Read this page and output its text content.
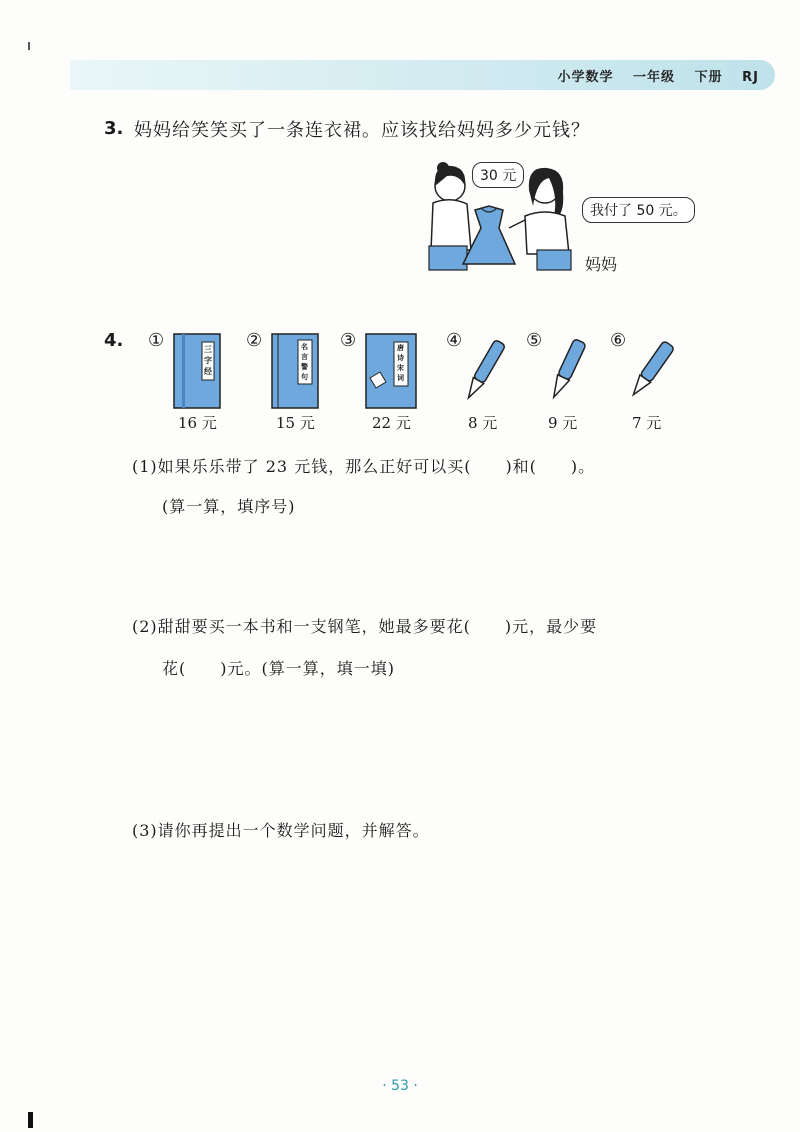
小学数学 一年级 下册 RJ
3. 妈妈给笑笑买了一条连衣裙。应该找给妈妈多少元钱？
30 元
我付了 50 元。
妈妈
4. ①	三字经
16 元
②	名言警句
15 元
③	唐诗宋词
22 元
④
8 元
⑤
9 元
⑥
7 元
(1)如果乐乐带了 23 元钱，那么正好可以买(　　)和(　　)。
(算一算，填序号)
(2)甜甜要买一本书和一支钢笔，她最多要花(　　)元，最少要
花(　　)元。(算一算，填一填)
(3)请你再提出一个数学问题，并解答。
· 53 ·
